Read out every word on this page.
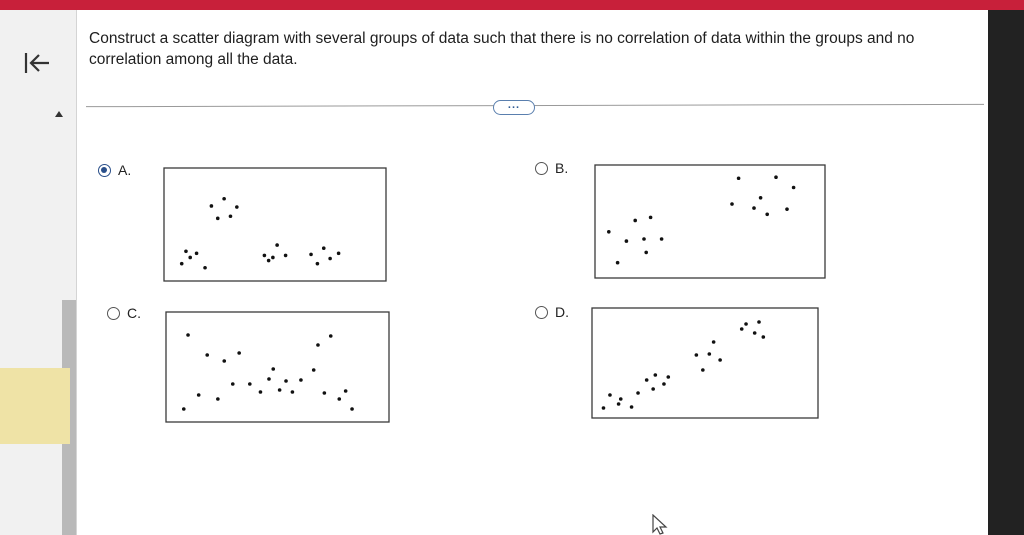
Construct a scatter diagram with several groups of data such that there is no correlation of data within the groups and no correlation among all the data.
...
A.	B.
C.	D.
